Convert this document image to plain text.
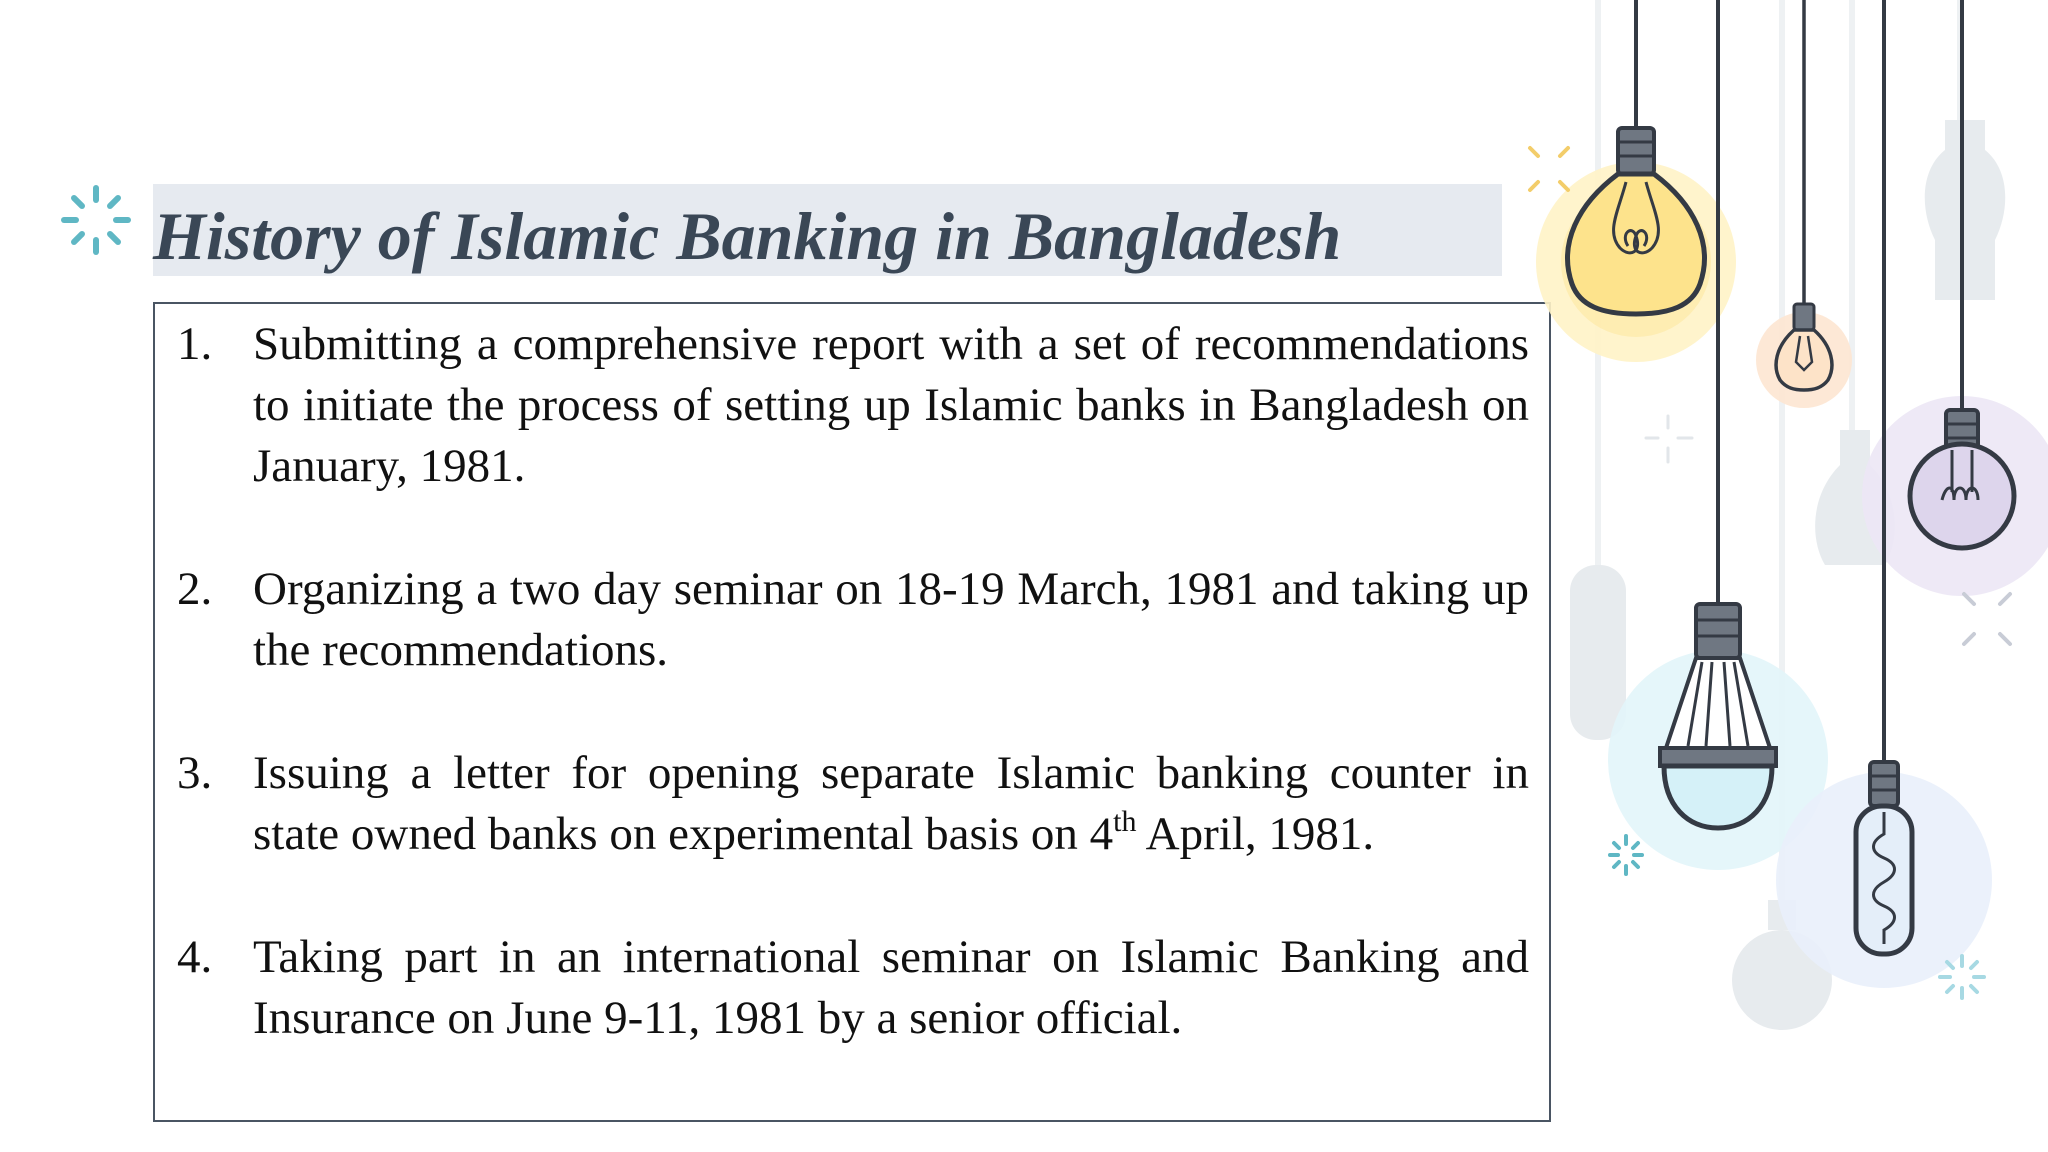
History of Islamic Banking in Bangladesh
1. Submitting a comprehensive report with a set of recommendations to initiate the process of setting up Islamic banks in Bangladesh on January, 1981.
2. Organizing a two day seminar on 18-19 March, 1981 and taking up the recommendations.
3. Issuing a letter for opening separate Islamic banking counter in state owned banks on experimental basis on 4th April, 1981.
4. Taking part in an international seminar on Islamic Banking and Insurance on June 9-11, 1981 by a senior official.
